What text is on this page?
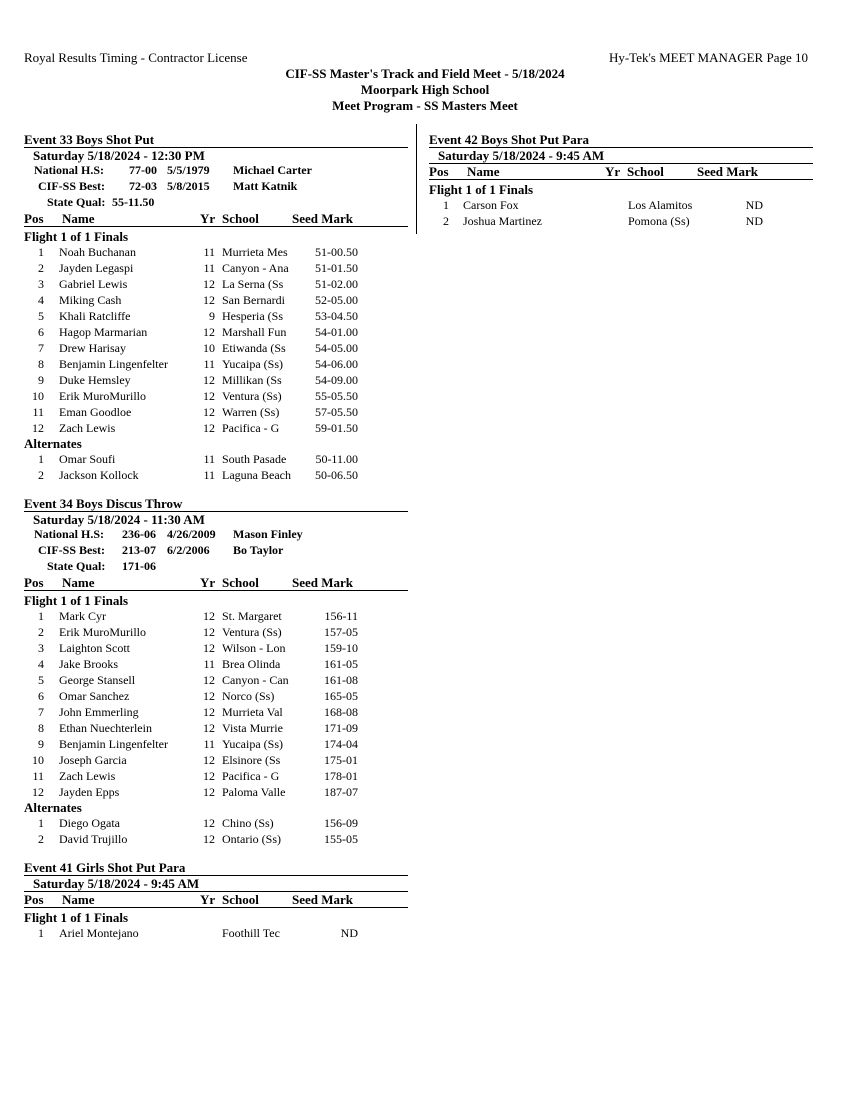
Royal Results Timing - Contractor License	Hy-Tek's MEET MANAGER Page 10
CIF-SS Master's Track and Field Meet - 5/18/2024
Moorpark High School
Meet Program - SS Masters Meet
Event 33 Boys Shot Put
Saturday 5/18/2024 - 12:30 PM
National H.S: 77-00 5/5/1979 Michael Carter
CIF-SS Best: 72-03 5/8/2015 Matt Katnik
State Qual: 55-11.50
Pos Name	Yr School	Seed Mark
Flight 1 of 1 Finals
1 Noah Buchanan	11 Murrieta Mes	51-00.50
2 Jayden Legaspi	11 Canyon - Ana	51-01.50
3 Gabriel Lewis	12 La Serna (Ss	51-02.00
4 Miking Cash	12 San Bernardi	52-05.00
5 Khali Ratcliffe	9 Hesperia (Ss	53-04.50
6 Hagop Marmarian	12 Marshall Fun	54-01.00
7 Drew Harisay	10 Etiwanda (Ss	54-05.00
8 Benjamin Lingenfelter	11 Yucaipa (Ss)	54-06.00
9 Duke Hemsley	12 Millikan (Ss	54-09.00
10 Erik MuroMurillo	12 Ventura (Ss)	55-05.50
11 Eman Goodloe	12 Warren (Ss)	57-05.50
12 Zach Lewis	12 Pacifica - G	59-01.50
Alternates
1 Omar Soufi	11 South Pasade	50-11.00
2 Jackson Kollock	11 Laguna Beach	50-06.50
Event 34 Boys Discus Throw
Saturday 5/18/2024 - 11:30 AM
National H.S: 236-06 4/26/2009 Mason Finley
CIF-SS Best: 213-07 6/2/2006 Bo Taylor
State Qual: 171-06
Pos Name	Yr School	Seed Mark
Flight 1 of 1 Finals
1 Mark Cyr	12 St. Margaret	156-11
2 Erik MuroMurillo	12 Ventura (Ss)	157-05
3 Laighton Scott	12 Wilson - Lon	159-10
4 Jake Brooks	11 Brea Olinda	161-05
5 George Stansell	12 Canyon - Can	161-08
6 Omar Sanchez	12 Norco (Ss)	165-05
7 John Emmerling	12 Murrieta Val	168-08
8 Ethan Nuechterlein	12 Vista Murrie	171-09
9 Benjamin Lingenfelter	11 Yucaipa (Ss)	174-04
10 Joseph Garcia	12 Elsinore (Ss	175-01
11 Zach Lewis	12 Pacifica - G	178-01
12 Jayden Epps	12 Paloma Valle	187-07
Alternates
1 Diego Ogata	12 Chino (Ss)	156-09
2 David Trujillo	12 Ontario (Ss)	155-05
Event 41 Girls Shot Put Para
Saturday 5/18/2024 - 9:45 AM
Pos Name	Yr School	Seed Mark
Flight 1 of 1 Finals
1 Ariel Montejano	Foothill Tec	ND
Event 42 Boys Shot Put Para
Saturday 5/18/2024 - 9:45 AM
Pos Name	Yr School	Seed Mark
Flight 1 of 1 Finals
1 Carson Fox	Los Alamitos	ND
2 Joshua Martinez	Pomona (Ss)	ND
